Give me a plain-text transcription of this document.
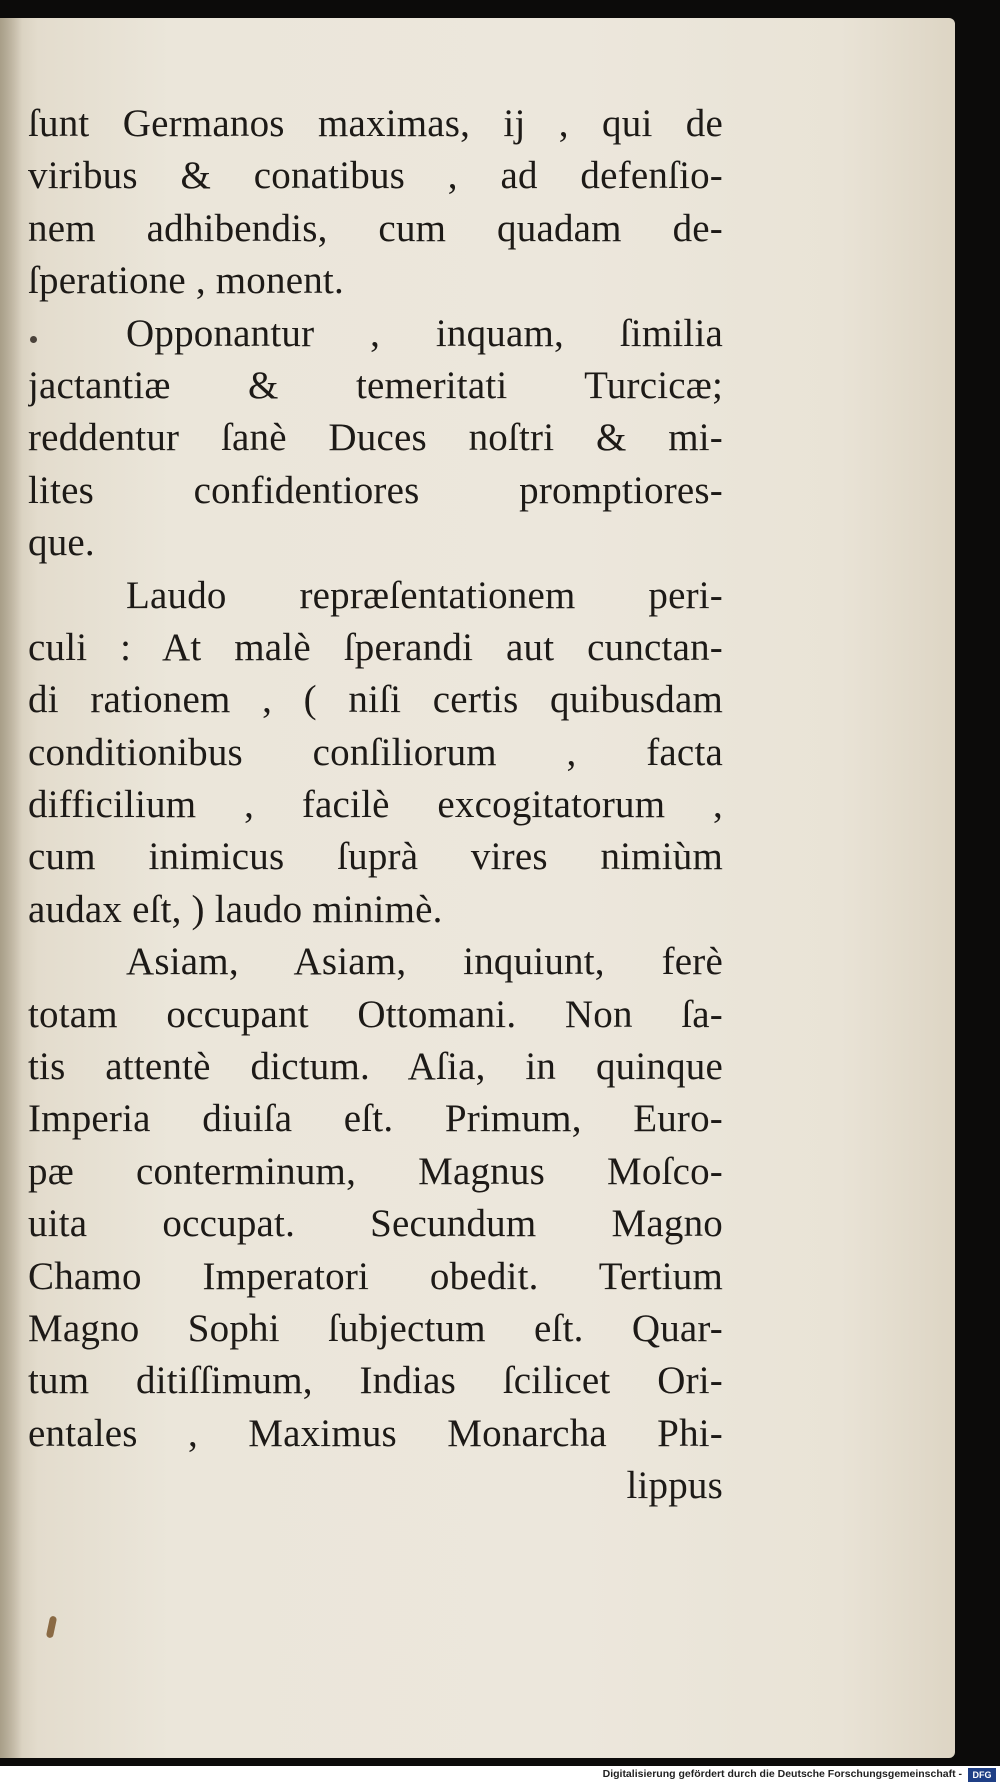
ſunt Germanos maximas, ij , qui de
viribus & conatibus , ad defenſio-
nem adhibendis, cum quadam de-
ſperatione , monent.
Opponantur , inquam, ſimilia
jactantiæ & temeritati Turcicæ;
reddentur ſanè Duces noſtri & mi-
lites confidentiores promptiores-
que.
Laudo repræſentationem peri-
culi : At malè ſperandi aut cunctan-
di rationem , ( niſi certis quibusdam
conditionibus conſiliorum , facta
difficilium , facilè excogitatorum ,
cum inimicus ſuprà vires nimiùm
audax eſt, ) laudo minimè.
Asiam, Asiam, inquiunt, ferè
totam occupant Ottomani. Non ſa-
tis attentè dictum. Aſia, in quinque
Imperia diuiſa eſt. Primum, Euro-
pæ conterminum, Magnus Moſco-
uita occupat. Secundum Magno
Chamo Imperatori obedit. Tertium
Magno Sophi ſubjectum eſt. Quar-
tum ditiſſimum, Indias ſcilicet Ori-
entales , Maximus Monarcha Phi-
lippus
Digitalisierung gefördert durch die Deutsche Forschungsgemeinschaft -	DFG
